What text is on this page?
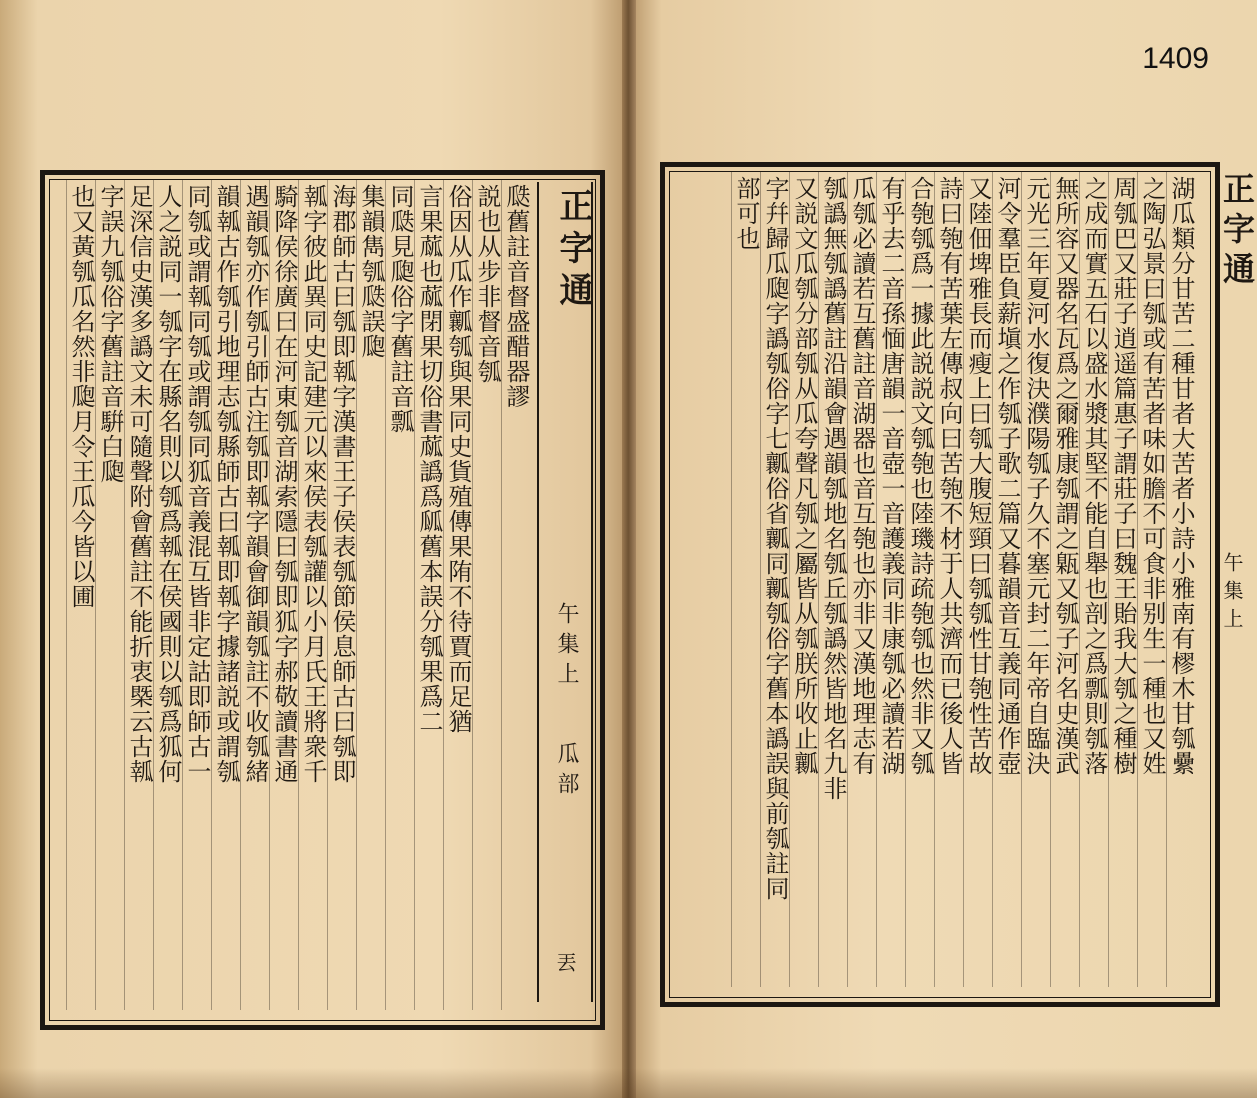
1409
正字通
午集上
瓜部
丟
瓞舊註音督盛醋器謬
説也从步非督音瓠
俗因从瓜作瓤瓠與果同史貨殖傳果陏不待賈而足猶
言果蓏也蓏閉果切俗書蓏譌爲㼌舊本誤分瓠果爲二
同瓞見瓟俗字舊註音瓢
集韻雋瓠瓞誤瓟
海郡師古曰瓠即瓡字漢書王子侯表瓠節侯息師古曰瓠即
瓡字彼此異同史記建元以來侯表瓠讙以小月氏王將衆千
騎降侯徐廣曰在河東瓠音湖索隱曰瓠即狐字郝敬讀書通
遇韻瓠亦作瓠引師古注瓠即瓡字韻會御韻瓠註不收瓠緒
韻瓡古作瓠引地理志瓠縣師古曰瓡即瓡字據諸説或謂瓠
同瓠或謂瓡同瓠或謂瓠同狐音義混互皆非定詁即師古一
人之説同一瓠字在縣名則以瓠爲瓡在侯國則以瓠爲狐何
足深信史漢多譌文未可隨聲附會舊註不能折衷槩云古瓡
字誤九瓠俗字舊註音騈白瓟
也又黃瓠瓜名然非瓟月令王瓜今皆以圃	正字通
午集上
湖瓜類分甘苦二種甘者大苦者小詩小雅南有樛木甘瓠纍
之陶弘景曰瓠或有苦者味如膽不可食非别生一種也又姓
周瓠巴又莊子逍遥篇惠子謂莊子曰魏王貽我大瓠之種樹
之成而實五石以盛水漿其堅不能自舉也剖之爲瓢則瓠落
無所容又器名瓦爲之爾雅康瓠謂之甈又瓠子河名史漢武
元光三年夏河水復決濮陽瓠子久不塞元封二年帝自臨決
河令羣臣負薪塡之作瓠子歌二篇又暮韻音互義同通作壺
又陸佃埤雅長而瘦上曰瓠大腹短頸曰瓠瓠性甘匏性苦故
詩曰匏有苦葉左傳叔向曰苦匏不材于人共濟而已後人皆
合匏瓠爲一據此説説文瓠匏也陸璣詩疏匏瓠也然非又瓠
有乎去二音孫愐唐韻一音壺一音護義同非康瓠必讀若湖
瓜瓠必讀若互舊註音湖器也音互匏也亦非又漢地理志有
瓠譌無瓠譌舊註沿韻會遇韻瓠地名瓠丘瓠譌然皆地名九非
又説文瓜瓠分部瓠从瓜夸聲凡瓠之屬皆从瓠朕所收止瓤
字幷歸瓜瓟字譌瓠俗字七瓤俗省瓤同瓤瓠俗字舊本譌誤與前瓠註同
部可也
